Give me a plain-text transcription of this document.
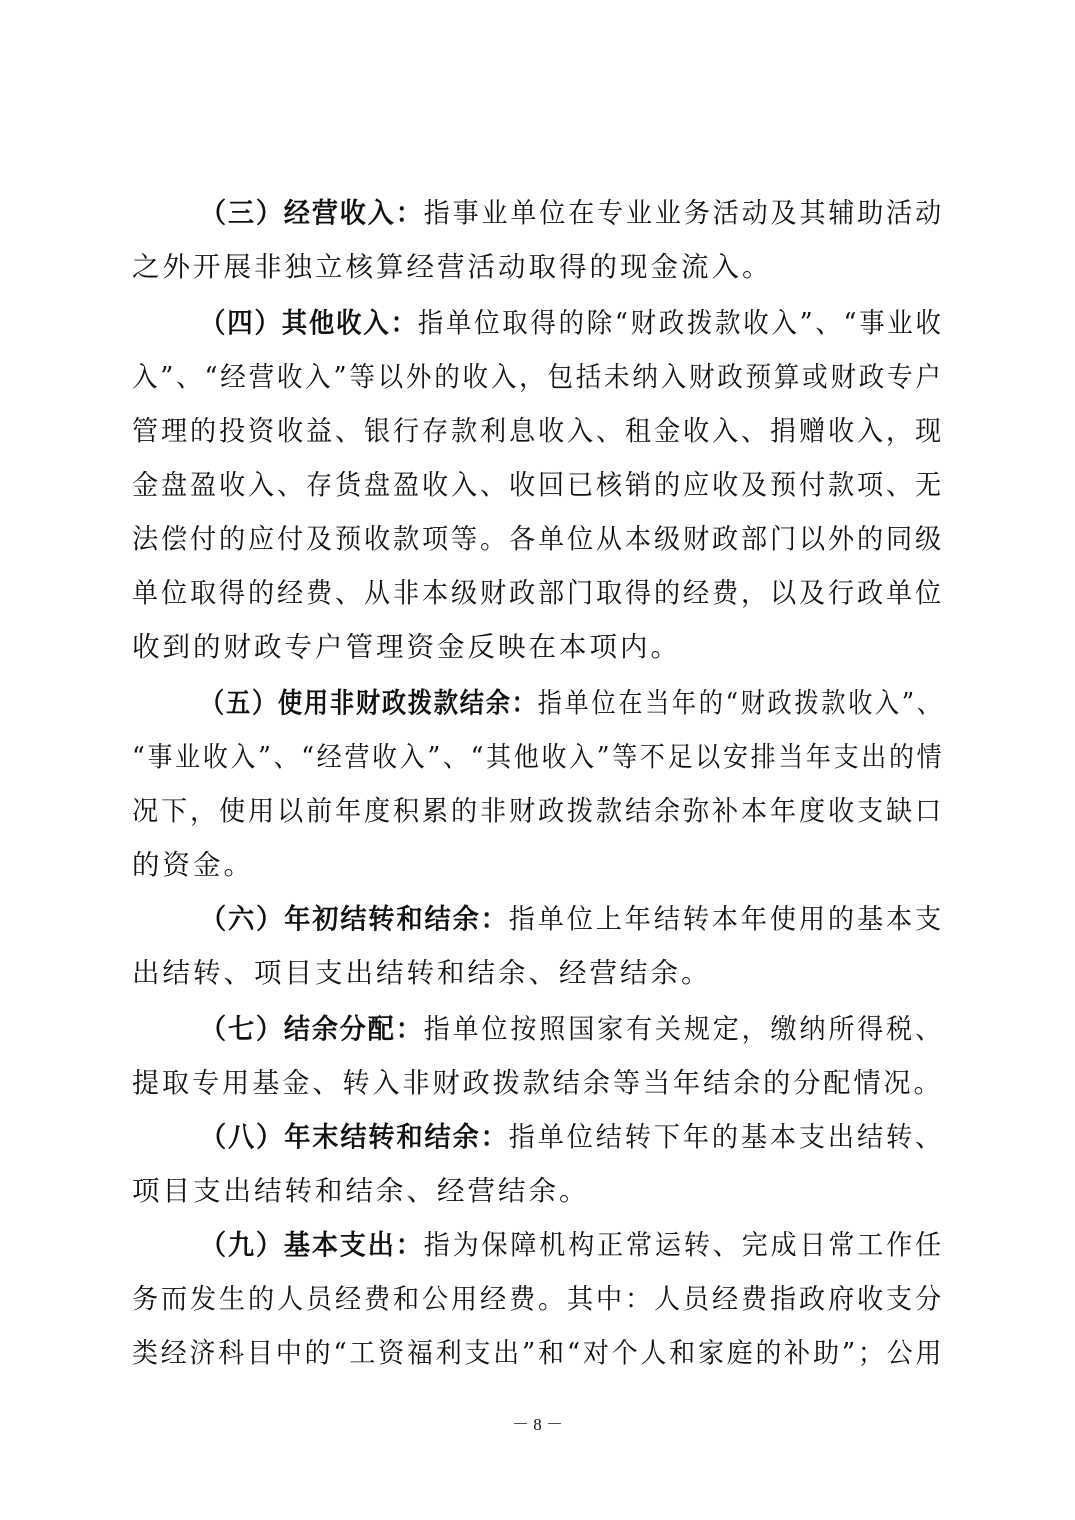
（三）经营收入：指事业单位在专业业务活动及其辅助活动
之外开展非独立核算经营活动取得的现金流入。
（四）其他收入：指单位取得的除“财政拨款收入”、“事业收
入”、“经营收入”等以外的收入，包括未纳入财政预算或财政专户
管理的投资收益、银行存款利息收入、租金收入、捐赠收入，现
金盘盈收入、存货盘盈收入、收回已核销的应收及预付款项、无
法偿付的应付及预收款项等。各单位从本级财政部门以外的同级
单位取得的经费、从非本级财政部门取得的经费，以及行政单位
收到的财政专户管理资金反映在本项内。
（五）使用非财政拨款结余：指单位在当年的“财政拨款收入”、
“事业收入”、“经营收入”、“其他收入”等不足以安排当年支出的情
况下，使用以前年度积累的非财政拨款结余弥补本年度收支缺口
的资金。
（六）年初结转和结余：指单位上年结转本年使用的基本支
出结转、项目支出结转和结余、经营结余。
（七）结余分配：指单位按照国家有关规定，缴纳所得税、
提取专用基金、转入非财政拨款结余等当年结余的分配情况。
（八）年末结转和结余：指单位结转下年的基本支出结转、
项目支出结转和结余、经营结余。
（九）基本支出：指为保障机构正常运转、完成日常工作任
务而发生的人员经费和公用经费。其中：人员经费指政府收支分
类经济科目中的“工资福利支出”和“对个人和家庭的补助”；公用
－ 8 －
